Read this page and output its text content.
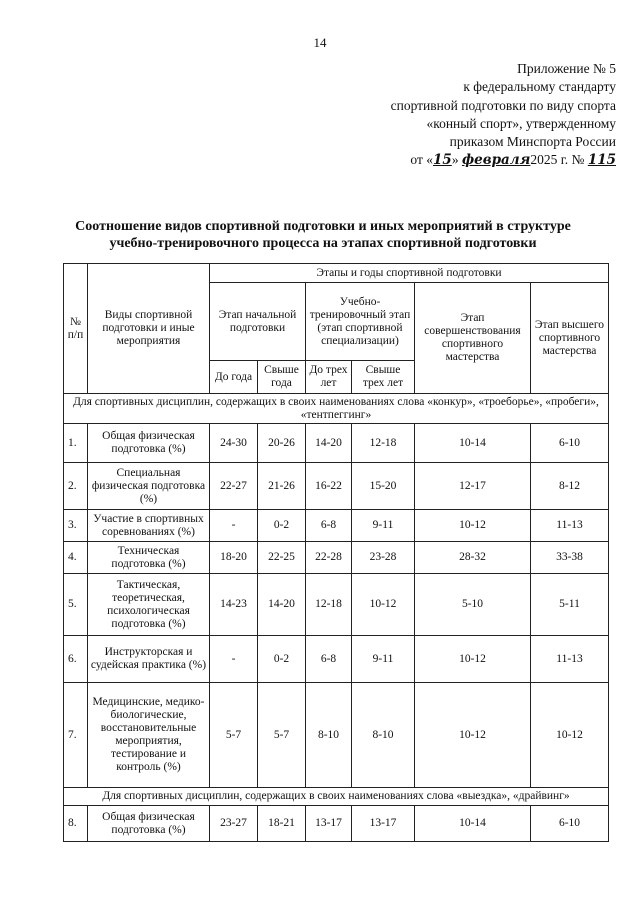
14
Приложение № 5
к федеральному стандарту
спортивной подготовки по виду спорта
«конный спорт», утвержденному
приказом Минспорта России
от «15» февраля2025 г. № 115
Соотношение видов спортивной подготовки и иных мероприятий в структуре
учебно-тренировочного процесса на этапах спортивной подготовки
№ п/п	Виды спортивной подготовки и иные мероприятия	Этапы и годы спортивной подготовки					
		Этап начальной подготовки		Учебно-тренировочный этап (этап спортивной специализации)		Этап совершенствования спортивного мастерства	Этап высшего спортивного мастерства
		До года	Свыше года	До трех лет	Свыше трех лет		
Для спортивных дисциплин, содержащих в своих наименованиях слова «конкур», «троеборье», «пробеги», «тентпеггинг»							
1.	Общая физическая подготовка (%)	24-30	20-26	14-20	12-18	10-14	6-10
2.	Специальная физическая подготовка (%)	22-27	21-26	16-22	15-20	12-17	8-12
3.	Участие в спортивных соревнованиях (%)	-	0-2	6-8	9-11	10-12	11-13
4.	Техническая подготовка (%)	18-20	22-25	22-28	23-28	28-32	33-38
5.	Тактическая, теоретическая, психологическая подготовка (%)	14-23	14-20	12-18	10-12	5-10	5-11
6.	Инструкторская и судейская практика (%)	-	0-2	6-8	9-11	10-12	11-13
7.	Медицинские, медико-биологические, восстановительные мероприятия, тестирование и контроль (%)	5-7	5-7	8-10	8-10	10-12	10-12
Для спортивных дисциплин, содержащих в своих наименованиях слова «выездка», «драйвинг»							
8.	Общая физическая подготовка (%)	23-27	18-21	13-17	13-17	10-14	6-10
